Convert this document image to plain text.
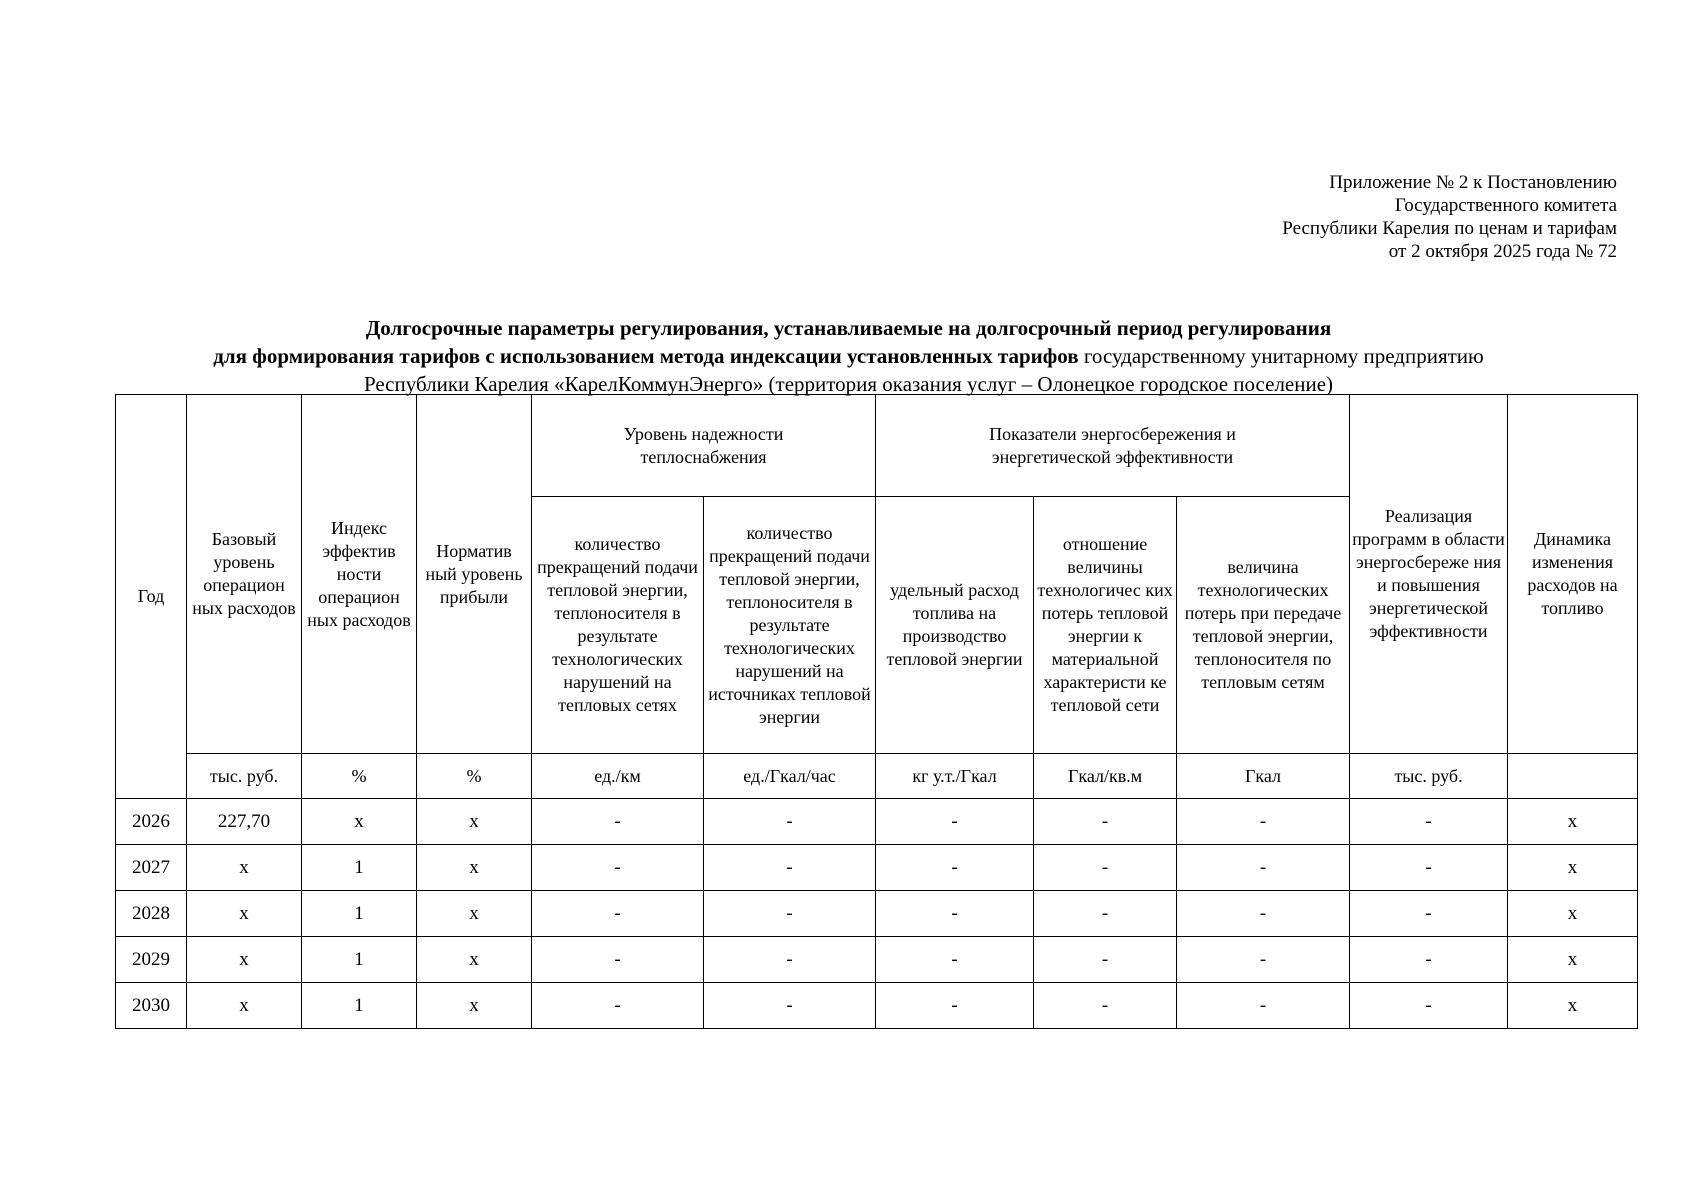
Приложение № 2 к Постановлению
Государственного комитета
Республики Карелия по ценам и тарифам
от 2 октября 2025 года № 72
Долгосрочные параметры регулирования, устанавливаемые на долгосрочный период регулирования
для формирования тарифов с использованием метода индексации установленных тарифов государственному унитарному предприятию
Республики Карелия «КарелКоммунЭнерго» (территория оказания услуг – Олонецкое городское поселение)
Год	Базовый уровень операцион ных расходов	Индекс эффектив ности операцион ных расходов	Норматив ный уровень прибыли	Уровень надежности теплоснабжения		Показатели энергосбережения и энергетической эффективности			Реализация программ в области энергосбереже ния и повышения энергетической эффективности	Динамика изменения расходов на топливо
				количество прекращений подачи тепловой энергии, теплоносителя в результате технологических нарушений на тепловых сетях	количество прекращений подачи тепловой энергии, теплоносителя в результате технологических нарушений на источниках тепловой энергии	удельный расход топлива на производство тепловой энергии	отношение величины технологичес ких потерь тепловой энергии к материальной характеристи ке тепловой сети	величина технологических потерь при передаче тепловой энергии, теплоносителя по тепловым сетям		
	тыс. руб.	%	%	ед./км	ед./Гкал/час	кг у.т./Гкал	Гкал/кв.м	Гкал	тыс. руб.	
2026	227,70	х	х	-	-	-	-	-	-	х
2027	х	1	х	-	-	-	-	-	-	х
2028	х	1	х	-	-	-	-	-	-	х
2029	х	1	х	-	-	-	-	-	-	х
2030	х	1	х	-	-	-	-	-	-	х
